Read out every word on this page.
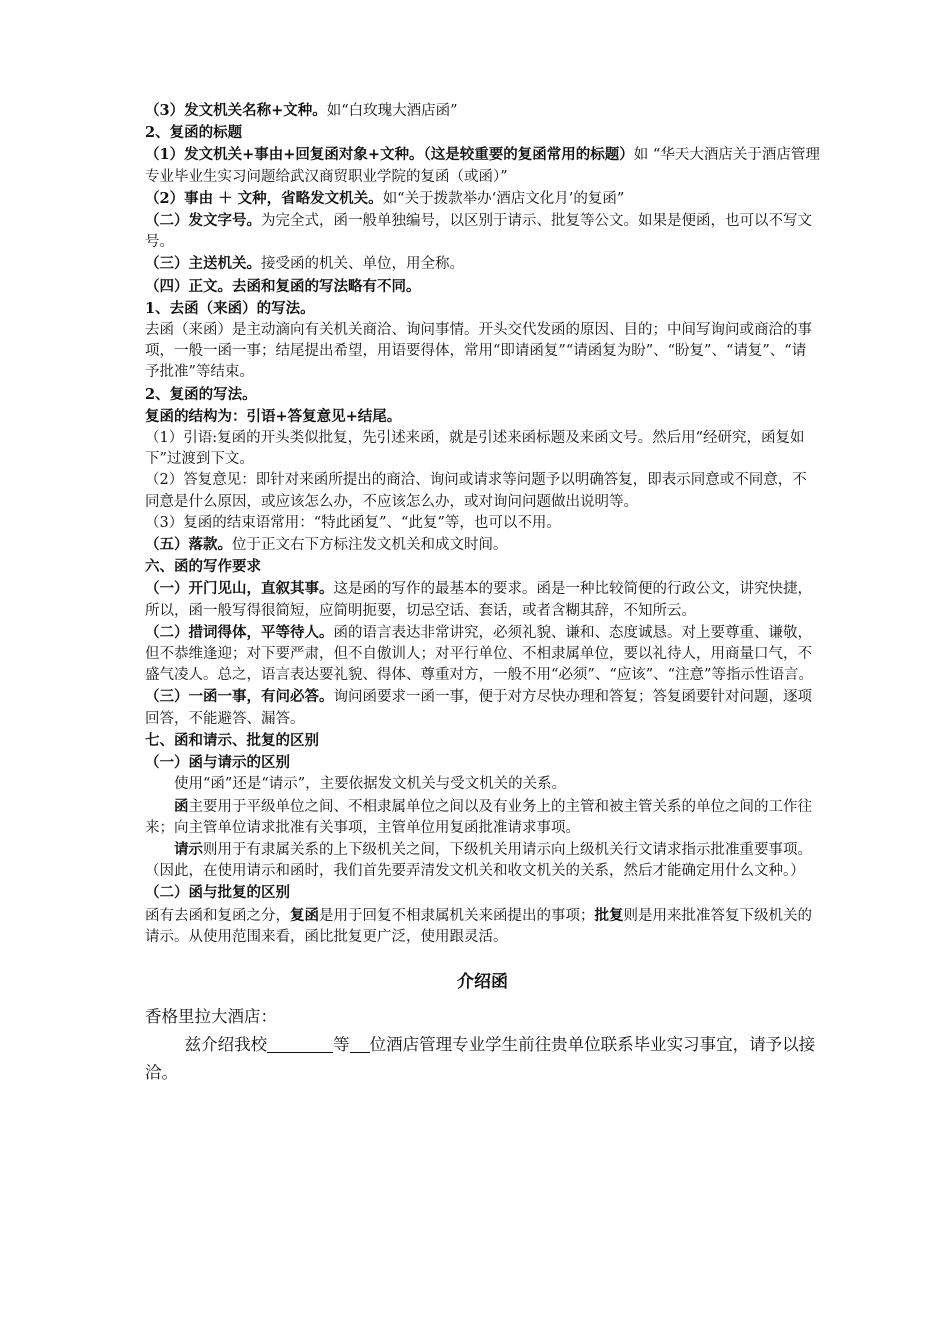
（3）发文机关名称+文种。如“白玫瑰大酒店函”

2、复函的标题

（1）发文机关+事由+回复函对象+文种。（这是较重要的复函常用的标题）如 “华天大酒店关于酒店管理专业毕业生实习问题给武汉商贸职业学院的复函（或函）”

（2）事由 ＋ 文种，省略发文机关。如“关于拨款举办‘酒店文化月’的复函”

（二）发文字号。为完全式，函一般单独编号，以区别于请示、批复等公文。如果是便函，也可以不写文号。

（三）主送机关。接受函的机关、单位，用全称。

（四）正文。去函和复函的写法略有不同。

1、去函（来函）的写法。

去函（来函）是主动滴向有关机关商洽、询问事情。开头交代发函的原因、目的；中间写询问或商洽的事项，一般一函一事；结尾提出希望，用语要得体，常用“即请函复”“请函复为盼”、“盼复”、“请复”、“请予批准”等结束。

2、复函的写法。

复函的结构为：引语+答复意见+结尾。

（1）引语:复函的开头类似批复，先引述来函，就是引述来函标题及来函文号。然后用“经研究，函复如下”过渡到下文。

（2）答复意见：即针对来函所提出的商洽、询问或请求等问题予以明确答复，即表示同意或不同意，不同意是什么原因，或应该怎么办，不应该怎么办，或对询问问题做出说明等。

（3）复函的结束语常用：“特此函复”、“此复”等，也可以不用。

（五）落款。位于正文右下方标注发文机关和成文时间。

六、函的写作要求

（一）开门见山，直叙其事。这是函的写作的最基本的要求。函是一种比较简便的行政公文，讲究快捷，所以，函一般写得很简短，应简明扼要，切忌空话、套话，或者含糊其辞，不知所云。

（二）措词得体，平等待人。函的语言表达非常讲究，必须礼貌、谦和、态度诚恳。对上要尊重、谦敬，但不恭维逢迎；对下要严肃，但不自傲训人；对平行单位、不相隶属单位，要以礼待人，用商量口气，不盛气凌人。总之，语言表达要礼貌、得体、尊重对方，一般不用“必须”、“应该”、“注意”等指示性语言。

（三）一函一事，有问必答。询问函要求一函一事，便于对方尽快办理和答复；答复函要针对问题，逐项回答，不能避答、漏答。

七、函和请示、批复的区别

（一）函与请示的区别

使用“函”还是“请示”，主要依据发文机关与受文机关的关系。

函主要用于平级单位之间、不相隶属单位之间以及有业务上的主管和被主管关系的单位之间的工作往来；向主管单位请求批准有关事项，主管单位用复函批准请求事项。

请示则用于有隶属关系的上下级机关之间，下级机关用请示向上级机关行文请求指示批准重要事项。

（因此，在使用请示和函时，我们首先要弄清发文机关和收文机关的关系，然后才能确定用什么文种。）

（二）函与批复的区别

函有去函和复函之分，复函是用于回复不相隶属机关来函提出的事项；批复则是用来批准答复下级机关的请示。从使用范围来看，函比批复更广泛，使用跟灵活。

介绍函

香格里拉大酒店：

兹介绍我校	等 位酒店管理专业学生前往贵单位联系毕业实习事宜，请予以接洽。
